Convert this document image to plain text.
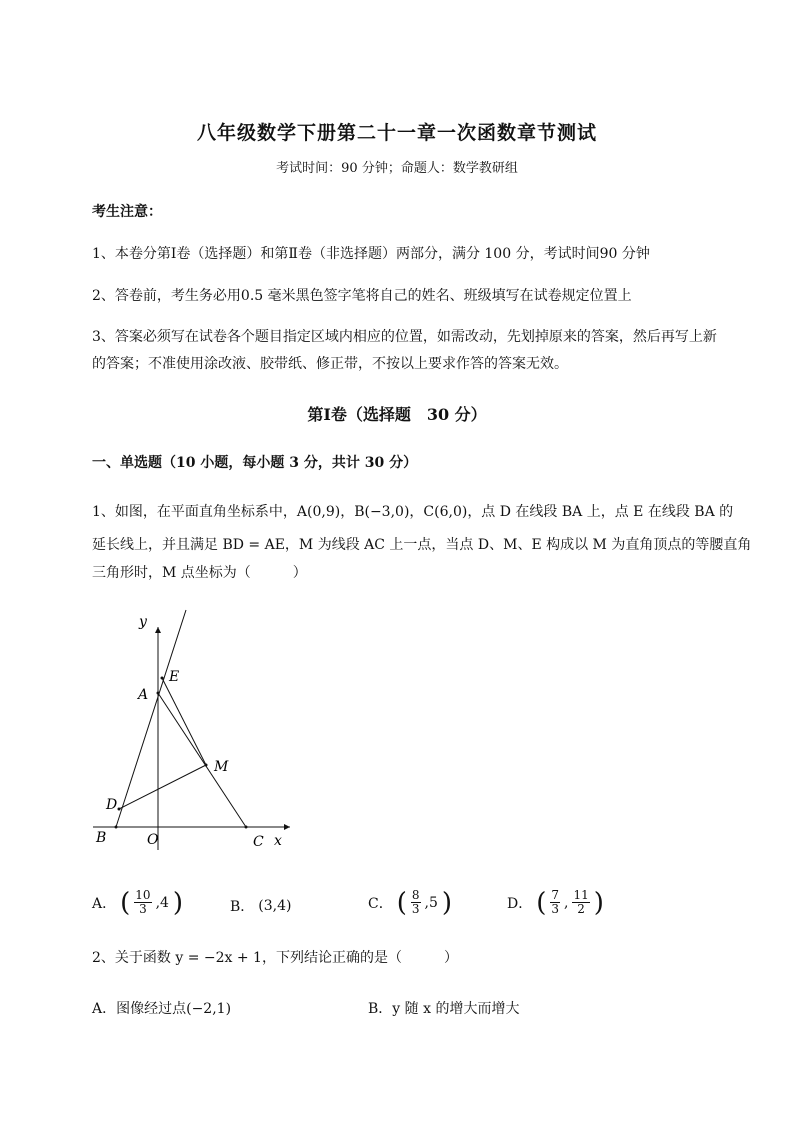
八年级数学下册第二十一章一次函数章节测试
考试时间：90 分钟；命题人：数学教研组
考生注意：
1、本卷分第Ⅰ卷（选择题）和第Ⅱ卷（非选择题）两部分，满分 100 分，考试时间90 分钟
2、答卷前，考生务必用0.5 毫米黑色签字笔将自己的姓名、班级填写在试卷规定位置上
3、答案必须写在试卷各个题目指定区域内相应的位置，如需改动，先划掉原来的答案，然后再写上新
的答案；不准使用涂改液、胶带纸、修正带，不按以上要求作答的答案无效。
第Ⅰ卷（选择题　30 分）
一、单选题（10 小题，每小题 3 分，共计 30 分）
1、如图，在平面直角坐标系中，A(0,9)，B(−3,0)，C(6,0)，点 D 在线段 BA 上，点 E 在线段 BA 的
延长线上，并且满足 BD = AE，M 为线段 AC 上一点，当点 D、M、E 构成以 M 为直角顶点的等腰直角
三角形时，M 点坐标为（　　　）
y
x
O
A
B	C
D
E
M
A． ( $\frac{10}{3} ,4$ )	B． (3,4)	C． ( $\frac{8}{3} ,5$ )	D． ( $\frac{7}{3}$ , $\frac{11}{2}$ )
2、关于函数 y = −2x + 1，下列结论正确的是（　　　）
A．图像经过点(−2,1)	B．y 随 x 的增大而增大
